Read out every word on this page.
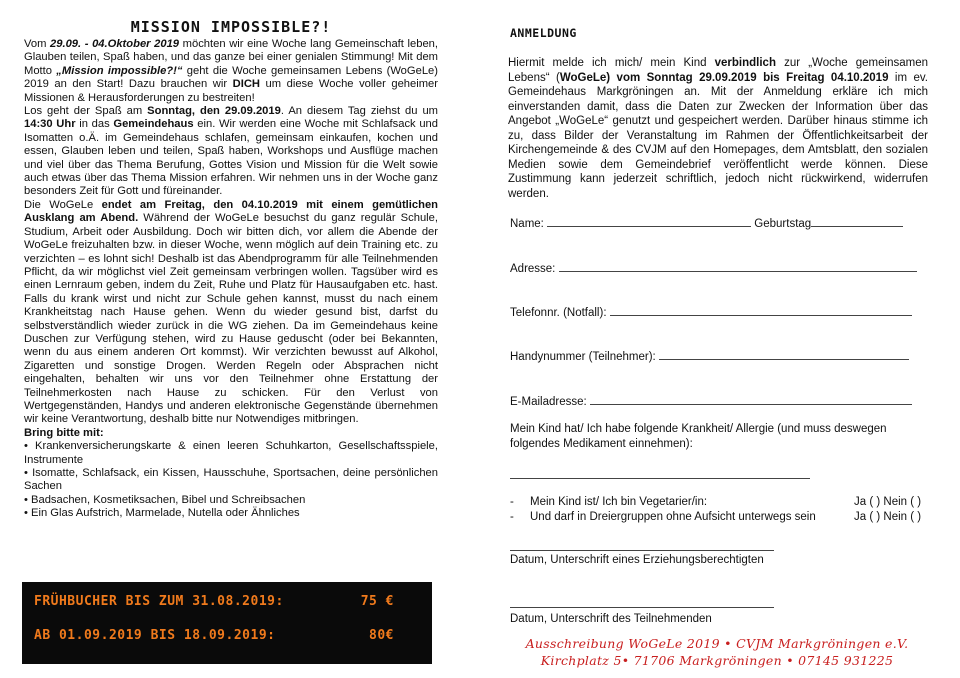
MISSION IMPOSSIBLE?!

Vom 29.09. - 04.Oktober 2019 möchten wir eine Woche lang Gemeinschaft leben, Glauben teilen, Spaß haben, und das ganze bei einer genialen Stimmung! Mit dem Motto „Mission impossible?!“ geht die Woche gemeinsamen Lebens (WoGeLe) 2019 an den Start! Dazu brauchen wir DICH um diese Woche voller geheimer Missionen & Herausforderungen zu bestreiten!

Los geht der Spaß am Sonntag, den 29.09.2019. An diesem Tag ziehst du um 14:30 Uhr in das Gemeindehaus ein. Wir werden eine Woche mit Schlafsack und Isomatten o.Ä. im Gemeindehaus schlafen, gemeinsam einkaufen, kochen und essen, Glauben leben und teilen, Spaß haben, Workshops und Ausflüge machen und viel über das Thema Berufung, Gottes Vision und Mission für die Welt sowie auch etwas über das Thema Mission erfahren. Wir nehmen uns in der Woche ganz besonders Zeit für Gott und füreinander.

Die WoGeLe endet am Freitag, den 04.10.2019 mit einem gemütlichen Ausklang am Abend. Während der WoGeLe besuchst du ganz regulär Schule, Studium, Arbeit oder Ausbildung. Doch wir bitten dich, vor allem die Abende der WoGeLe freizuhalten bzw. in dieser Woche, wenn möglich auf dein Training etc. zu verzichten – es lohnt sich! Deshalb ist das Abendprogramm für alle Teilnehmenden Pflicht, da wir möglichst viel Zeit gemeinsam verbringen wollen. Tagsüber wird es einen Lernraum geben, indem du Zeit, Ruhe und Platz für Hausaufgaben etc. hast. Falls du krank wirst und nicht zur Schule gehen kannst, musst du nach einem Krankheitstag nach Hause gehen. Wenn du wieder gesund bist, darfst du selbstverständlich wieder zurück in die WG ziehen. Da im Gemeindehaus keine Duschen zur Verfügung stehen, wird zu Hause geduscht (oder bei Bekannten, wenn du aus einem anderen Ort kommst). Wir verzichten bewusst auf Alkohol, Zigaretten und sonstige Drogen. Werden Regeln oder Absprachen nicht eingehalten, behalten wir uns vor den Teilnehmer ohne Erstattung der Teilnehmerkosten nach Hause zu schicken. Für den Verlust von Wertgegenständen, Handys und anderen elektronische Gegenstände übernehmen wir keine Verantwortung, deshalb bitte nur Notwendiges mitbringen.

Bring bitte mit:
• Krankenversicherungskarte & einen leeren Schuhkarton, Gesellschaftsspiele, Instrumente
• Isomatte, Schlafsack, ein Kissen, Hausschuhe, Sportsachen, deine persönlichen Sachen
• Badsachen, Kosmetiksachen, Bibel und Schreibsachen
• Ein Glas Aufstrich, Marmelade, Nutella oder Ähnliches
FRÜHBUCHER BIS ZUM 31.08.2019:	75 €
AB 01.09.2019 BIS 18.09.2019:	80€
ANMELDUNG
Hiermit melde ich mich/ mein Kind verbindlich zur „Woche gemeinsamen Lebens“ (WoGeLe) vom Sonntag 29.09.2019 bis Freitag 04.10.2019 im ev. Gemeindehaus Markgröningen an. Mit der Anmeldung erkläre ich mich einverstanden damit, dass die Daten zur Zwecken der Information über das Angebot „WoGeLe“ genutzt und gespeichert werden. Darüber hinaus stimme ich zu, dass Bilder der Veranstaltung im Rahmen der Öffentlichkeitsarbeit der Kirchengemeinde & des CVJM auf den Homepages, dem Amtsblatt, den sozialen Medien sowie dem Gemeindebrief veröffentlicht werde können. Diese Zustimmung kann jederzeit schriftlich, jedoch nicht rückwirkend, widerrufen werden.
Name:	Geburtstag
Adresse:
Telefonnr. (Notfall):
Handynummer (Teilnehmer):
E-Mailadresse:
Mein Kind hat/ Ich habe folgende Krankheit/ Allergie (und muss deswegen folgendes Medikament einnehmen):
-	Mein Kind ist/ Ich bin Vegetarier/in:	Ja ( ) Nein ( )
-	Und darf in Dreiergruppen ohne Aufsicht unterwegs sein	Ja ( ) Nein ( )
Datum, Unterschrift eines Erziehungsberechtigten
Datum, Unterschrift des Teilnehmenden
Ausschreibung WoGeLe 2019 • CVJM Markgröningen e.V.
Kirchplatz 5• 71706 Markgröningen • 07145 931225
